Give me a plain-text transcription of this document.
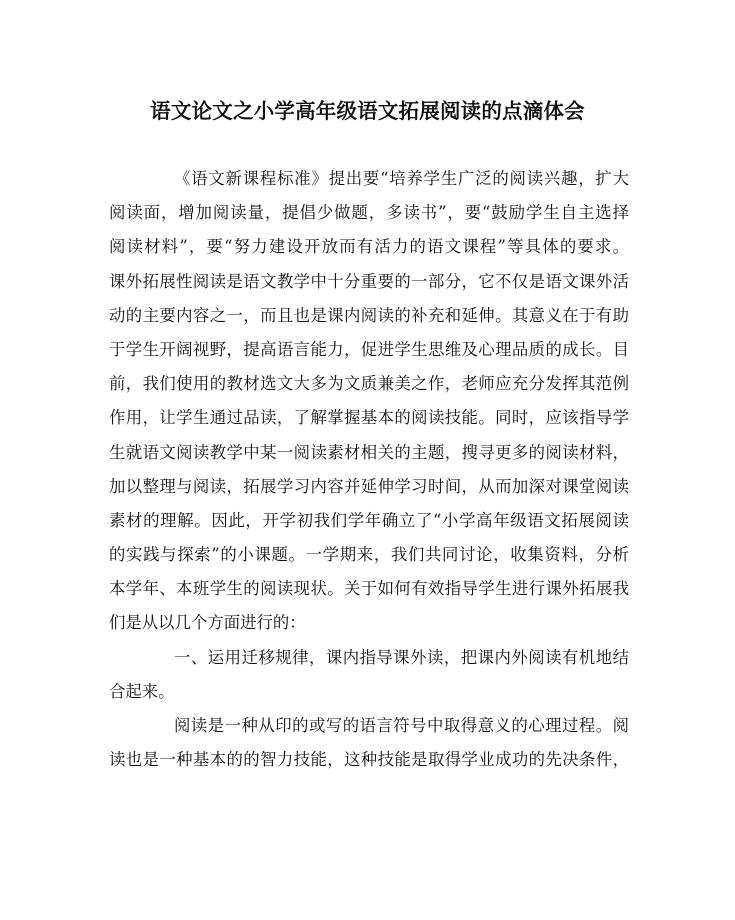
语文论文之小学高年级语文拓展阅读的点滴体会
《语文新课程标准》提出要“培养学生广泛的阅读兴趣，扩大
阅读面，增加阅读量，提倡少做题，多读书”，要“鼓励学生自主选择
阅读材料”，要“努力建设开放而有活力的语文课程”等具体的要求。
课外拓展性阅读是语文教学中十分重要的一部分，它不仅是语文课外活
动的主要内容之一，而且也是课内阅读的补充和延伸。其意义在于有助
于学生开阔视野，提高语言能力，促进学生思维及心理品质的成长。目
前，我们使用的教材选文大多为文质兼美之作，老师应充分发挥其范例
作用，让学生通过品读，了解掌握基本的阅读技能。同时，应该指导学
生就语文阅读教学中某一阅读素材相关的主题，搜寻更多的阅读材料，
加以整理与阅读，拓展学习内容并延伸学习时间，从而加深对课堂阅读
素材的理解。因此，开学初我们学年确立了“小学高年级语文拓展阅读
的实践与探索”的小课题。一学期来，我们共同讨论，收集资料，分析
本学年、本班学生的阅读现状。关于如何有效指导学生进行课外拓展我
们是从以几个方面进行的：
一、运用迁移规律，课内指导课外读，把课内外阅读有机地结
合起来。
阅读是一种从印的或写的语言符号中取得意义的心理过程。阅
读也是一种基本的的智力技能，这种技能是取得学业成功的先决条件，
